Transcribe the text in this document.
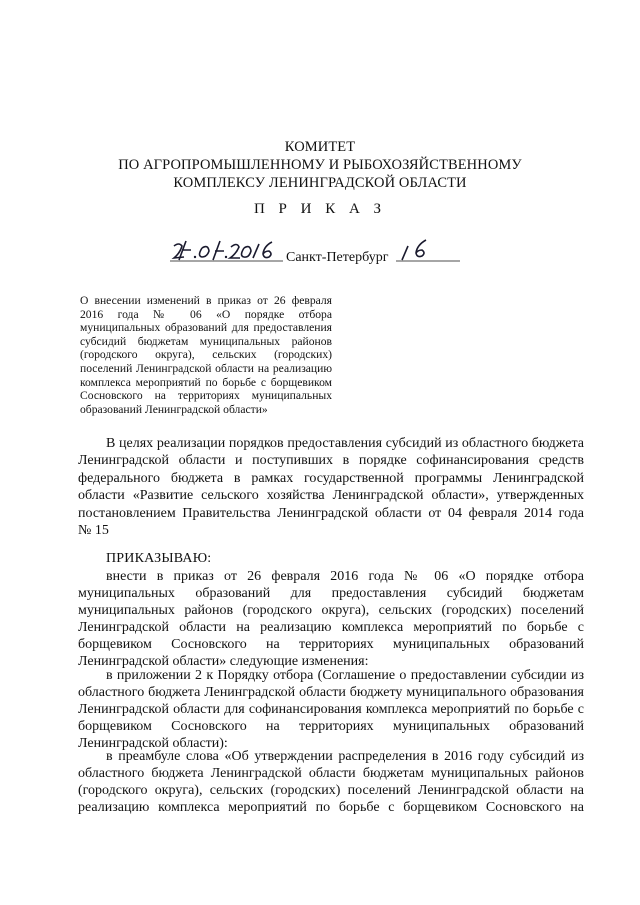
КОМИТЕТ
ПО АГРОПРОМЫШЛЕННОМУ И РЫБОХОЗЯЙСТВЕННОМУ
КОМПЛЕКСУ ЛЕНИНГРАДСКОЙ ОБЛАСТИ
П Р И К А З
Санкт-Петербург
О внесении изменений в приказ от 26 февраля
2016 года № 06 «О порядке отбора
муниципальных образований для предоставления
субсидий бюджетам муниципальных районов
(городского округа), сельских (городских)
поселений Ленинградской области на реализацию
комплекса мероприятий по борьбе с борщевиком
Сосновского на территориях муниципальных
образований Ленинградской области»
В целях реализации порядков предоставления субсидий из областного бюджета
Ленинградской области и поступивших в порядке софинансирования средств
федерального бюджета в рамках государственной программы Ленинградской
области «Развитие сельского хозяйства Ленинградской области», утвержденных
постановлением Правительства Ленинградской области от 04 февраля 2014 года
№ 15
ПРИКАЗЫВАЮ:
внести в приказ от 26 февраля 2016 года № 06 «О порядке отбора
муниципальных образований для предоставления субсидий бюджетам
муниципальных районов (городского округа), сельских (городских) поселений
Ленинградской области на реализацию комплекса мероприятий по борьбе с
борщевиком Сосновского на территориях муниципальных образований
Ленинградской области» следующие изменения:
в приложении 2 к Порядку отбора (Соглашение о предоставлении субсидии из
областного бюджета Ленинградской области бюджету муниципального образования
Ленинградской области для софинансирования комплекса мероприятий по борьбе с
борщевиком Сосновского на территориях муниципальных образований
Ленинградской области):
в преамбуле слова «Об утверждении распределения в 2016 году субсидий из
областного бюджета Ленинградской области бюджетам муниципальных районов
(городского округа), сельских (городских) поселений Ленинградской области на
реализацию комплекса мероприятий по борьбе с борщевиком Сосновского на
